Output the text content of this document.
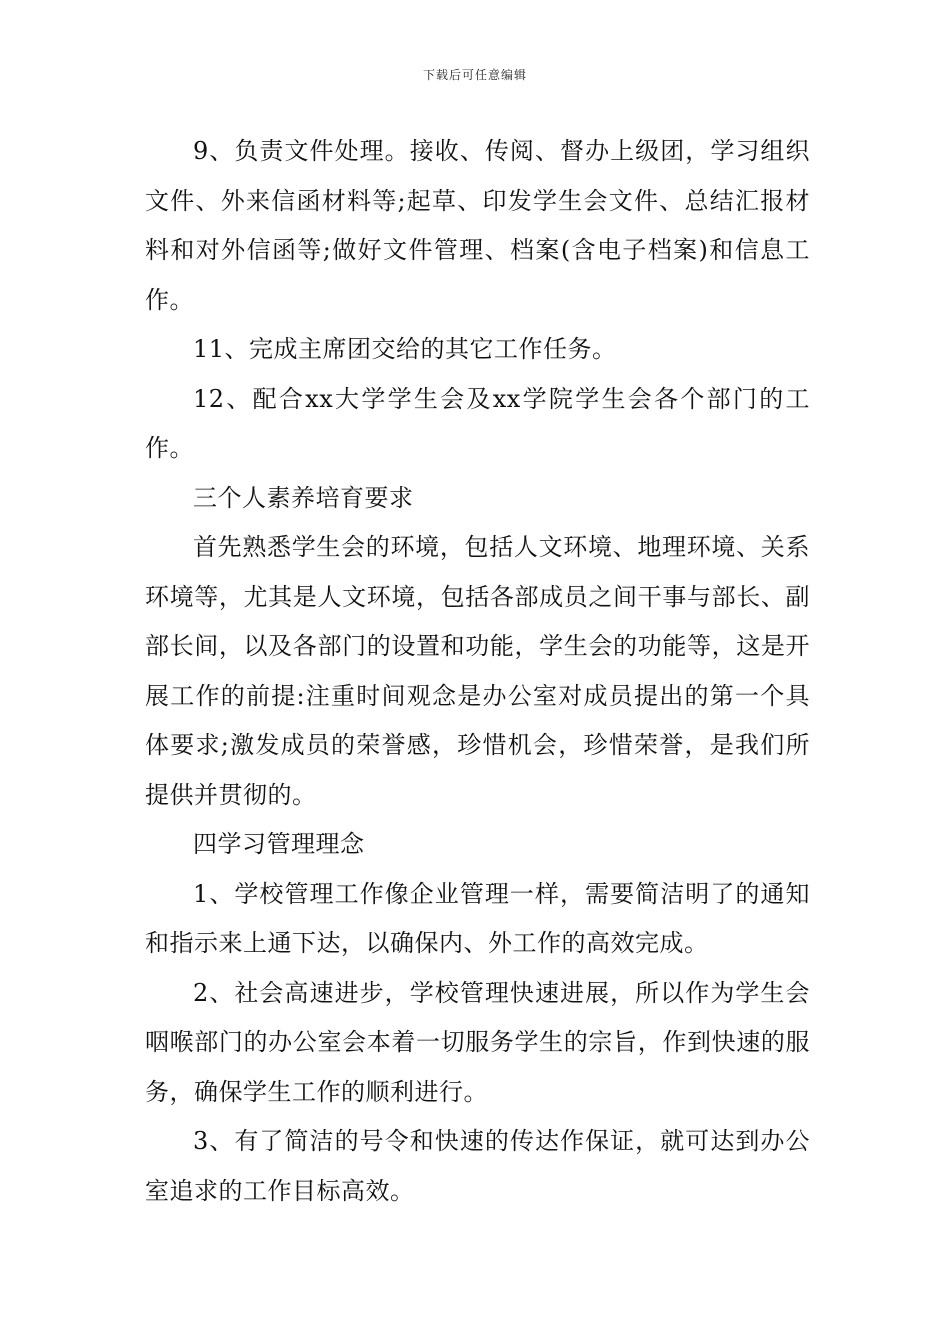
下载后可任意编辑

9、负责文件处理。接收、传阅、督办上级团，学习组织文件、外来信函材料等;起草、印发学生会文件、总结汇报材料和对外信函等;做好文件管理、档案(含电子档案)和信息工作。

11、完成主席团交给的其它工作任务。

12、配合xx大学学生会及xx学院学生会各个部门的工作。

三个人素养培育要求

首先熟悉学生会的环境，包括人文环境、地理环境、关系环境等，尤其是人文环境，包括各部成员之间干事与部长、副部长间，以及各部门的设置和功能，学生会的功能等，这是开展工作的前提:注重时间观念是办公室对成员提出的第一个具体要求;激发成员的荣誉感，珍惜机会，珍惜荣誉，是我们所提供并贯彻的。

四学习管理理念

1、学校管理工作像企业管理一样，需要简洁明了的通知和指示来上通下达，以确保内、外工作的高效完成。

2、社会高速进步，学校管理快速进展，所以作为学生会咽喉部门的办公室会本着一切服务学生的宗旨，作到快速的服务，确保学生工作的顺利进行。

3、有了简洁的号令和快速的传达作保证，就可达到办公室追求的工作目标高效。
